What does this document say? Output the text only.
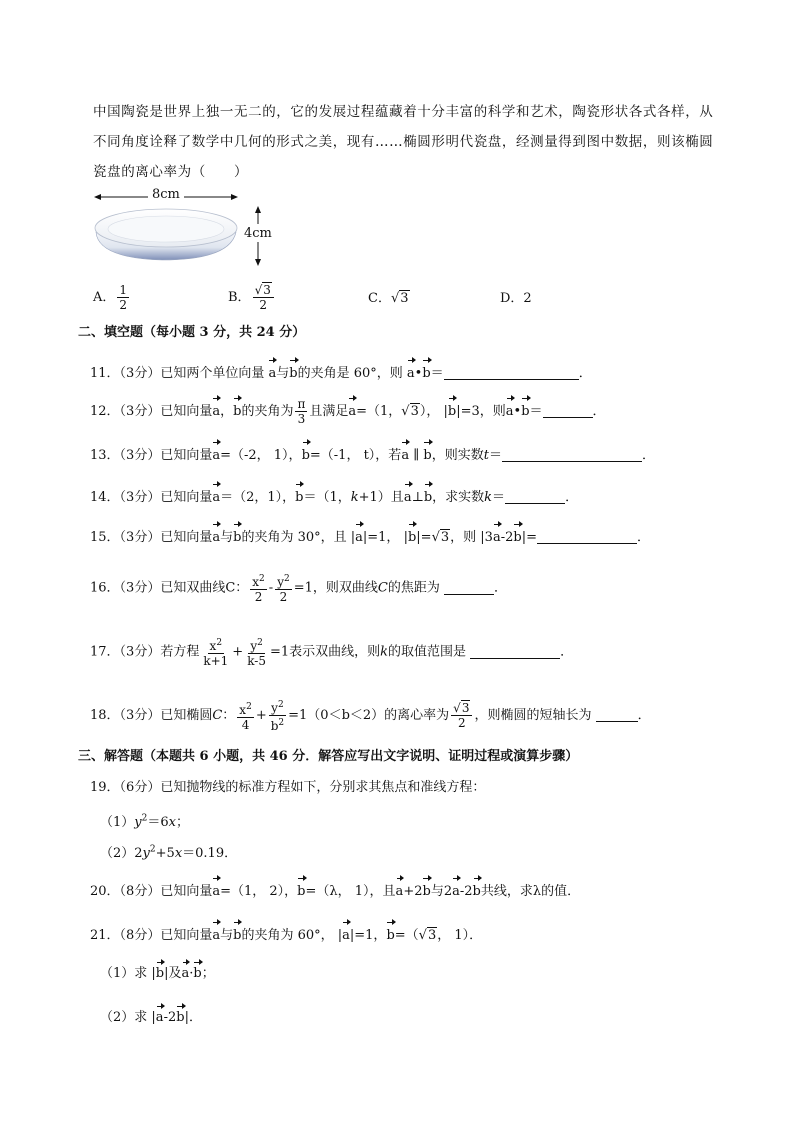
中国陶瓷是世界上独一无二的，它的发展过程蕴藏着十分丰富的科学和艺术，陶瓷形状各式各样，从不同角度诠释了数学中几何的形式之美，现有……椭圆形明代瓷盘，经测量得到图中数据，则该椭圆瓷盘的离心率为（　　）
8cm
4cm
A． $\frac{1}{2}$	B． $\frac{√3}{2}$	C．√3	D．2
二、填空题（每小题 3 分，共 24 分）
11．（3分）已知两个单位向量 a与b的夹角是 60°，则 a•b＝	．
12．（3分）已知向量a，b的夹角为 $\frac{\pi}{3}$ 且满足a=（1，√3）， |b|=3，则a•b＝	．
13．（3分）已知向量a=（-2， 1），b=（-1， t），若a ∥ b，则实数t＝	．
14．（3分）已知向量a＝（2，1），b＝（1，k+1）且a⊥b，求实数k＝	．
15．（3分）已知向量a与b的夹角为 30°，且 |a|=1， |b|=√3，则 |3a-2b|=	．
16．（3分）已知双曲线C： $\frac{x^2}{2} - \frac{y^2}{2} =1$，则双曲线C的焦距为	．
17．（3分）若方程 $\frac{x^2}{k+1} + \frac{y^2}{k-5} =1$表示双曲线，则k的取值范围是	．
18．（3分）已知椭圆C： $\frac{x^2}{4} + \frac{y^2}{b^2} =1(0<b<2)$的离心率为 $\frac{√3}{2}$ ，则椭圆的短轴长为	．
三、解答题（本题共 6 小题，共 46 分．解答应写出文字说明、证明过程或演算步骤）
19．（6分）已知抛物线的标准方程如下，分别求其焦点和准线方程：
$(1)y^2=6x$；
$(2)2y^2+5x=0.19$．
20．（8分）已知向量a=（1， 2），b=（λ， 1），且a+2b与2a-2b共线，求λ的值．
21．（8分）已知向量a与b的夹角为 60°， |a|=1，b=（√3， 1）．
（1）求 |b|及a·b；
（2）求 |a-2b|．
